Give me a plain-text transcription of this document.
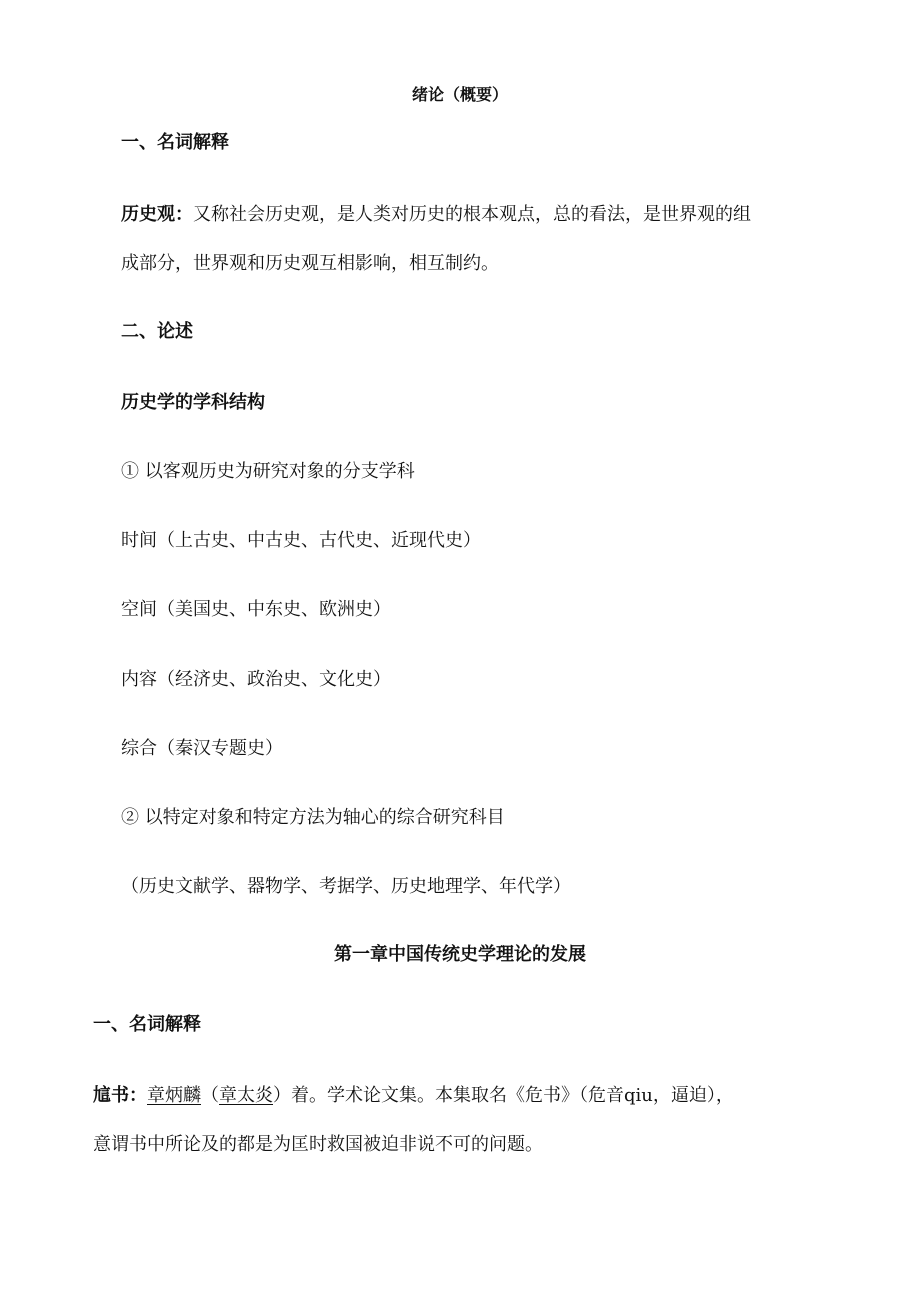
绪论（概要）
一、名词解释
历史观：又称社会历史观，是人类对历史的根本观点，总的看法，是世界观的组
成部分，世界观和历史观互相影响，相互制约。
二、论述
历史学的学科结构
① 以客观历史为研究对象的分支学科
时间（上古史、中古史、古代史、近现代史）
空间（美国史、中东史、欧洲史）
内容（经济史、政治史、文化史）
综合（秦汉专题史）
② 以特定对象和特定方法为轴心的综合研究科目
（历史文献学、器物学、考据学、历史地理学、年代学）
第一章中国传统史学理论的发展
一、名词解释
訄书：章炳麟（章太炎）着。学术论文集。本集取名《危书》（危音qiu，逼迫），
意谓书中所论及的都是为匡时救国被迫非说不可的问题。
